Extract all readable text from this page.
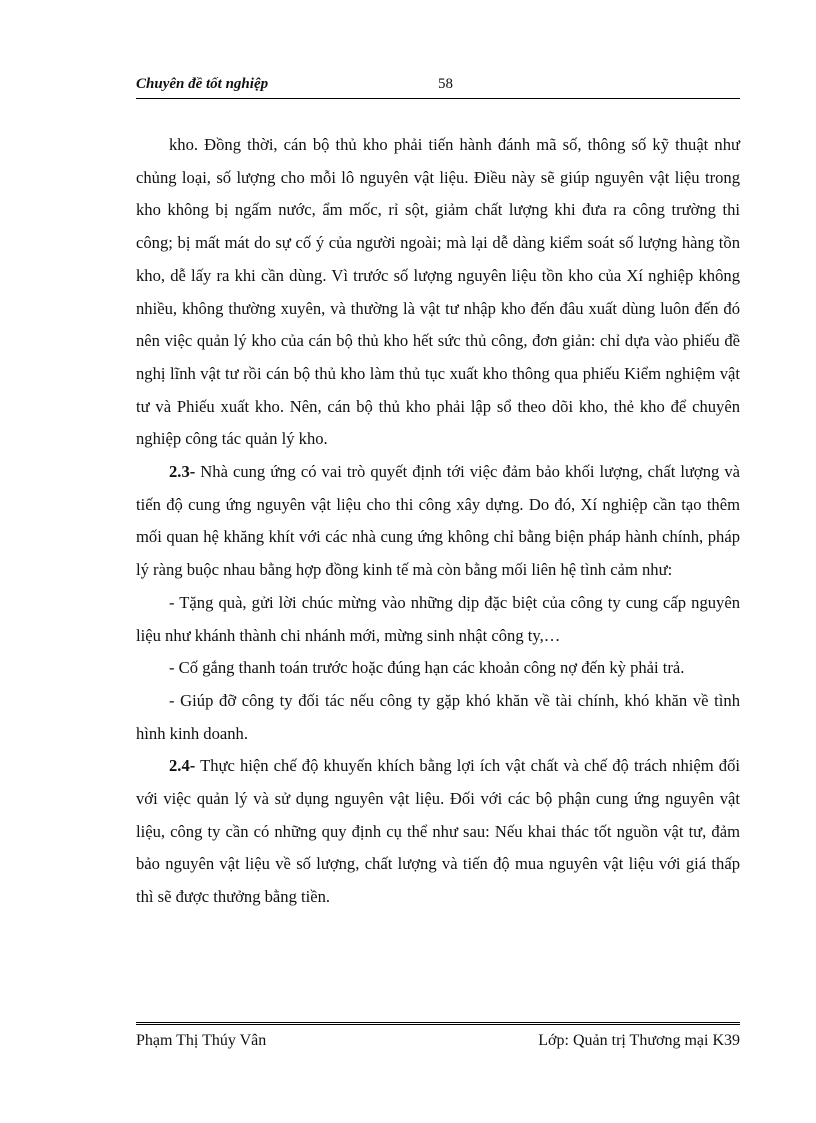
Chuyên đề tốt nghiệp	58

kho. Đồng thời, cán bộ thủ kho phải tiến hành đánh mã số, thông số kỹ thuật như chủng loại, số lượng cho mỗi lô nguyên vật liệu. Điều này sẽ giúp nguyên vật liệu trong kho không bị ngấm nước, ẩm mốc, rỉ sột, giảm chất lượng khi đưa ra công trường thi công; bị mất mát do sự cố ý của người ngoài; mà lại dễ dàng kiểm soát số lượng hàng tồn kho, dễ lấy ra khi cần dùng. Vì trước số lượng nguyên liệu tồn kho của Xí nghiệp không nhiều, không thường xuyên, và thường là vật tư nhập kho đến đâu xuất dùng luôn đến đó nên việc quản lý kho của cán bộ thủ kho hết sức thủ công, đơn giản: chỉ dựa vào phiếu đề nghị lĩnh vật tư rồi cán bộ thủ kho làm thủ tục xuất kho thông qua phiếu Kiểm nghiệm vật tư và Phiếu xuất kho. Nên, cán bộ thủ kho phải lập sổ theo dõi kho, thẻ kho để chuyên nghiệp công tác quản lý kho.

2.3- Nhà cung ứng có vai trò quyết định tới việc đảm bảo khối lượng, chất lượng và tiến độ cung ứng nguyên vật liệu cho thi công xây dựng. Do đó, Xí nghiệp cần tạo thêm mối quan hệ khăng khít với các nhà cung ứng không chỉ bằng biện pháp hành chính, pháp lý ràng buộc nhau bằng hợp đồng kinh tế mà còn bằng mối liên hệ tình cảm như:

- Tặng quà, gửi lời chúc mừng vào những dịp đặc biệt của công ty cung cấp nguyên liệu như khánh thành chi nhánh mới, mừng sinh nhật công ty,…

- Cố gắng thanh toán trước hoặc đúng hạn các khoản công nợ đến kỳ phải trả.

- Giúp đỡ công ty đối tác nếu công ty gặp khó khăn về tài chính, khó khăn về tình hình kinh doanh.

2.4- Thực hiện chế độ khuyến khích bằng lợi ích vật chất và chế độ trách nhiệm đối với việc quản lý và sử dụng nguyên vật liệu. Đối với các bộ phận cung ứng nguyên vật liệu, công ty cần có những quy định cụ thể như sau: Nếu khai thác tốt nguồn vật tư, đảm bảo nguyên vật liệu về số lượng, chất lượng và tiến độ mua nguyên vật liệu với giá thấp thì sẽ được thưởng bằng tiền.

Phạm Thị Thúy Vân	Lớp: Quản trị Thương mại K39
